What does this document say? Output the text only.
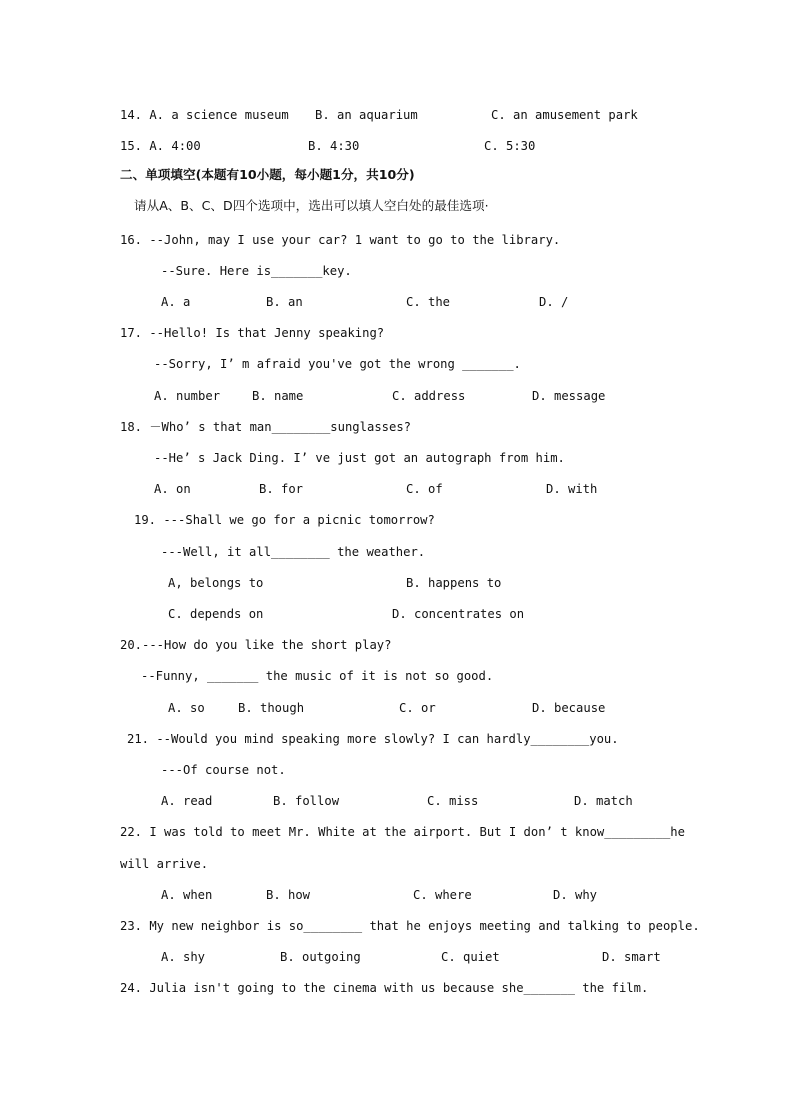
14. A. a science museum B. an aquarium	C. an amusement park
15. A. 4:00	B. 4:30	C. 5:30
二、单项填空(本题有10小题，每小题1分，共10分)
请从A、B、C、D四个选项中，选出可以填人空白处的最佳选项·
16. --John, may I use your car? 1 want to go to the library.
--Sure. Here is_______key.
A. a	B. an	C. the	D. /
17. --Hello! Is that Jenny speaking?
--Sorry, I’ m afraid you've got the wrong _______.
A. number	B. name	C. address	D. message
18. －Who’ s that man________sunglasses?
--He’ s Jack Ding. I’ ve just got an autograph from him.
A. on	B. for	C. of	D. with
19. ---Shall we go for a picnic tomorrow?
---Well, it all________ the weather.
A, belongs to	B. happens to
C. depends on	D. concentrates on
20.---How do you like the short play?
--Funny, _______ the music of it is not so good.
A. so	B. though	C. or	D. because
21. --Would you mind speaking more slowly? I can hardly________you.
---Of course not.
A. read	B. follow	C. miss	D. match
22. I was told to meet Mr. White at the airport. But I don’ t know_________he
will arrive.
A. when	B. how	C. where	D. why
23. My new neighbor is so________ that he enjoys meeting and talking to people.
A. shy	B. outgoing	C. quiet	D. smart
24. Julia isn't going to the cinema with us because she_______ the film.
